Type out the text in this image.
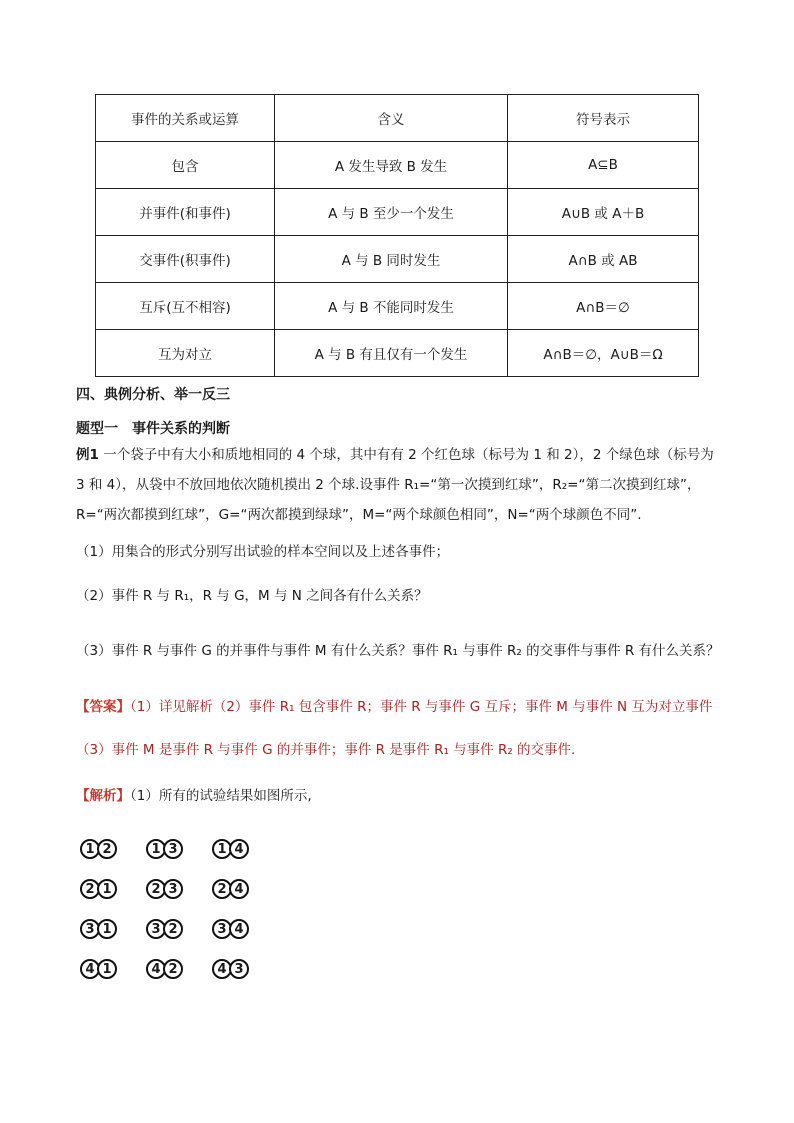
事件的关系或运算	含义	符号表示
包含	A 发生导致 B 发生	A⊆B
并事件(和事件)	A 与 B 至少一个发生	A∪B 或 A＋B
交事件(积事件)	A 与 B 同时发生	A∩B 或 AB
互斥(互不相容)	A 与 B 不能同时发生	A∩B＝∅
互为对立	A 与 B 有且仅有一个发生	A∩B＝∅，A∪B＝Ω
四、典例分析、举一反三
题型一　事件关系的判断
例1 一个袋子中有大小和质地相同的 4 个球，其中有有 2 个红色球（标号为 1 和 2），2 个绿色球（标号为 3 和 4），从袋中不放回地依次随机摸出 2 个球.设事件 R₁=“第一次摸到红球”，R₂=“第二次摸到红球”，R=“两次都摸到红球”，G=“两次都摸到绿球”，M=“两个球颜色相同”，N=“两个球颜色不同”.
（1）用集合的形式分别写出试验的样本空间以及上述各事件；
（2）事件 R 与 R₁，R 与 G，M 与 N 之间各有什么关系？
（3）事件 R 与事件 G 的并事件与事件 M 有什么关系？事件 R₁ 与事件 R₂ 的交事件与事件 R 有什么关系？
【答案】（1）详见解析（2）事件 R₁ 包含事件 R；事件 R 与事件 G 互斥；事件 M 与事件 N 互为对立事件
（3）事件 M 是事件 R 与事件 G 的并事件；事件 R 是事件 R₁ 与事件 R₂ 的交事件.
【解析】（1）所有的试验结果如图所示,
1 2	1 3	1 4
2 1	2 3	2 4
3 1	3 2	3 4
4 1	4 2	4 3
